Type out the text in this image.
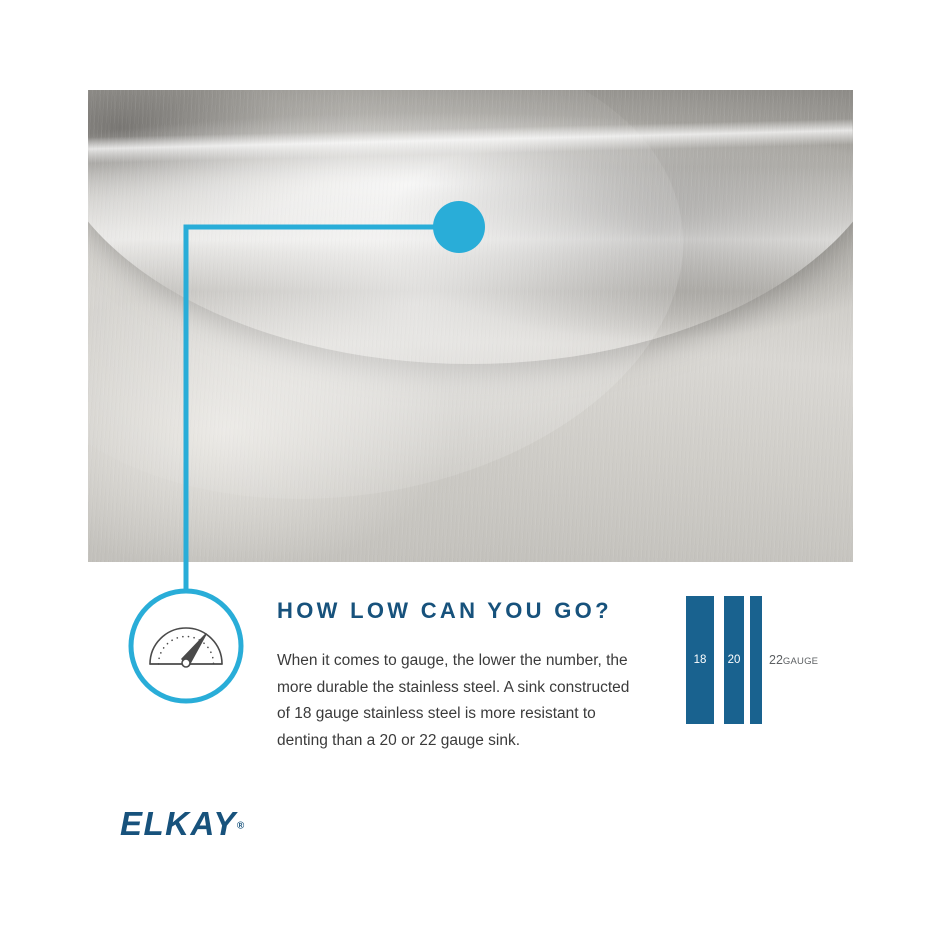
HOW LOW CAN YOU GO?
When it comes to gauge, the lower the number, the more durable the stainless steel. A sink constructed of 18 gauge stainless steel is more resistant to denting than a 20 or 22 gauge sink.
18	20 22GAUGE
ELKAY®
